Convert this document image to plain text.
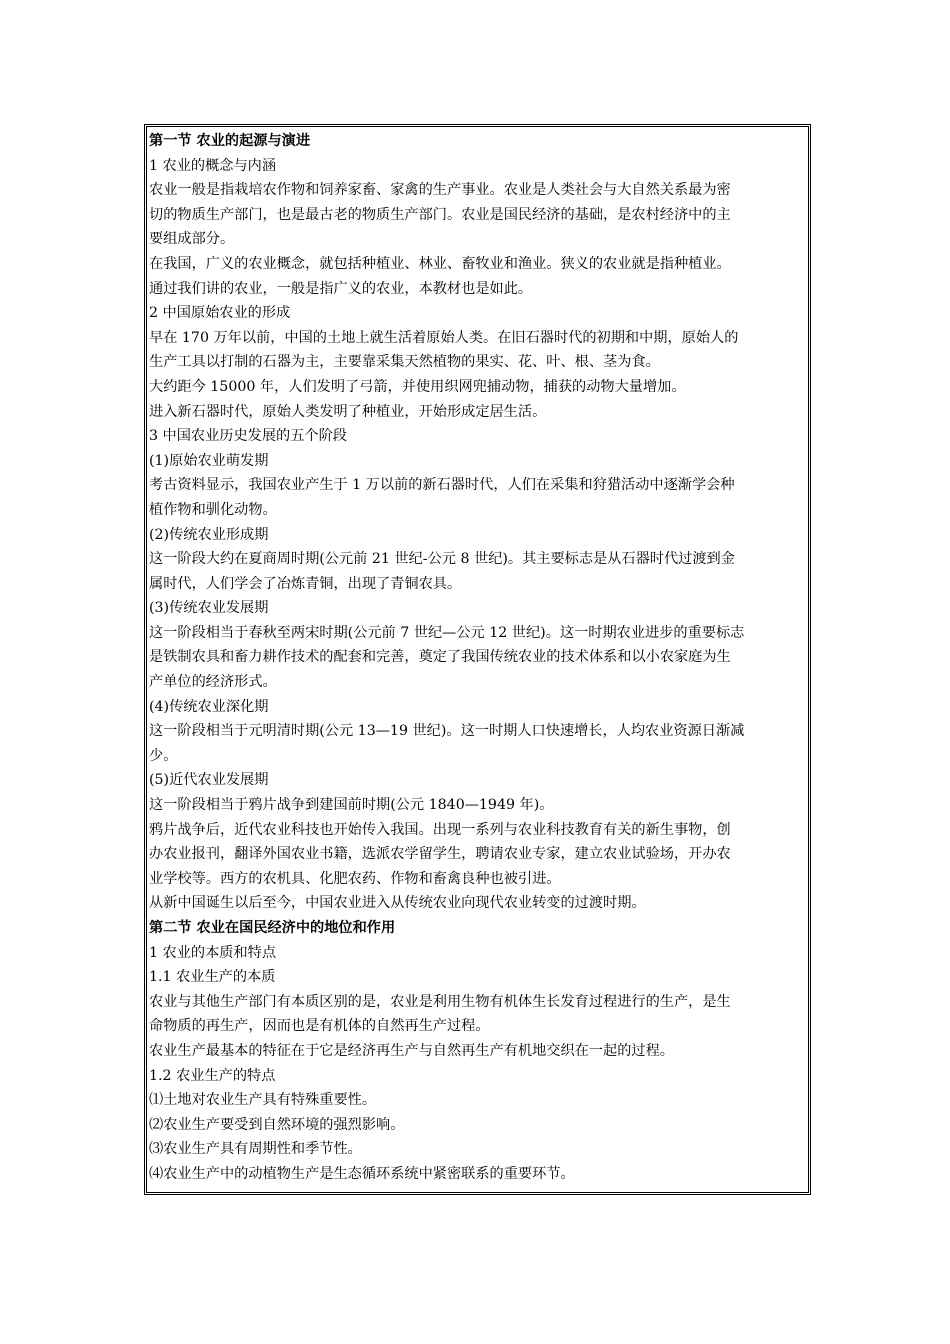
第一节 农业的起源与演进
1 农业的概念与内涵
农业一般是指栽培农作物和饲养家畜、家禽的生产事业。农业是人类社会与大自然关系最为密
切的物质生产部门，也是最古老的物质生产部门。农业是国民经济的基础，是农村经济中的主
要组成部分。
在我国，广义的农业概念，就包括种植业、林业、畜牧业和渔业。狭义的农业就是指种植业。
通过我们讲的农业，一般是指广义的农业，本教材也是如此。
2 中国原始农业的形成
早在 170 万年以前，中国的土地上就生活着原始人类。在旧石器时代的初期和中期，原始人的
生产工具以打制的石器为主，主要靠采集天然植物的果实、花、叶、根、茎为食。
大约距今 15000 年，人们发明了弓箭，并使用织网兜捕动物，捕获的动物大量增加。
进入新石器时代，原始人类发明了种植业，开始形成定居生活。
3 中国农业历史发展的五个阶段
(1)原始农业萌发期
考古资料显示，我国农业产生于 1 万以前的新石器时代，人们在采集和狩猎活动中逐渐学会种
植作物和驯化动物。
(2)传统农业形成期
这一阶段大约在夏商周时期(公元前 21 世纪-公元 8 世纪)。其主要标志是从石器时代过渡到金
属时代，人们学会了冶炼青铜，出现了青铜农具。
(3)传统农业发展期
这一阶段相当于春秋至两宋时期(公元前 7 世纪—公元 12 世纪)。这一时期农业进步的重要标志
是铁制农具和畜力耕作技术的配套和完善，奠定了我国传统农业的技术体系和以小农家庭为生
产单位的经济形式。
(4)传统农业深化期
这一阶段相当于元明清时期(公元 13—19 世纪)。这一时期人口快速增长，人均农业资源日渐减
少。
(5)近代农业发展期
这一阶段相当于鸦片战争到建国前时期(公元 1840—1949 年)。
鸦片战争后，近代农业科技也开始传入我国。出现一系列与农业科技教育有关的新生事物，创
办农业报刊，翻译外国农业书籍，选派农学留学生，聘请农业专家，建立农业试验场，开办农
业学校等。西方的农机具、化肥农药、作物和畜禽良种也被引进。
从新中国诞生以后至今，中国农业进入从传统农业向现代农业转变的过渡时期。
第二节 农业在国民经济中的地位和作用
1 农业的本质和特点
1.1 农业生产的本质
农业与其他生产部门有本质区别的是，农业是利用生物有机体生长发育过程进行的生产，是生
命物质的再生产，因而也是有机体的自然再生产过程。
农业生产最基本的特征在于它是经济再生产与自然再生产有机地交织在一起的过程。
1.2 农业生产的特点
⑴土地对农业生产具有特殊重要性。
⑵农业生产要受到自然环境的强烈影响。
⑶农业生产具有周期性和季节性。
⑷农业生产中的动植物生产是生态循环系统中紧密联系的重要环节。
